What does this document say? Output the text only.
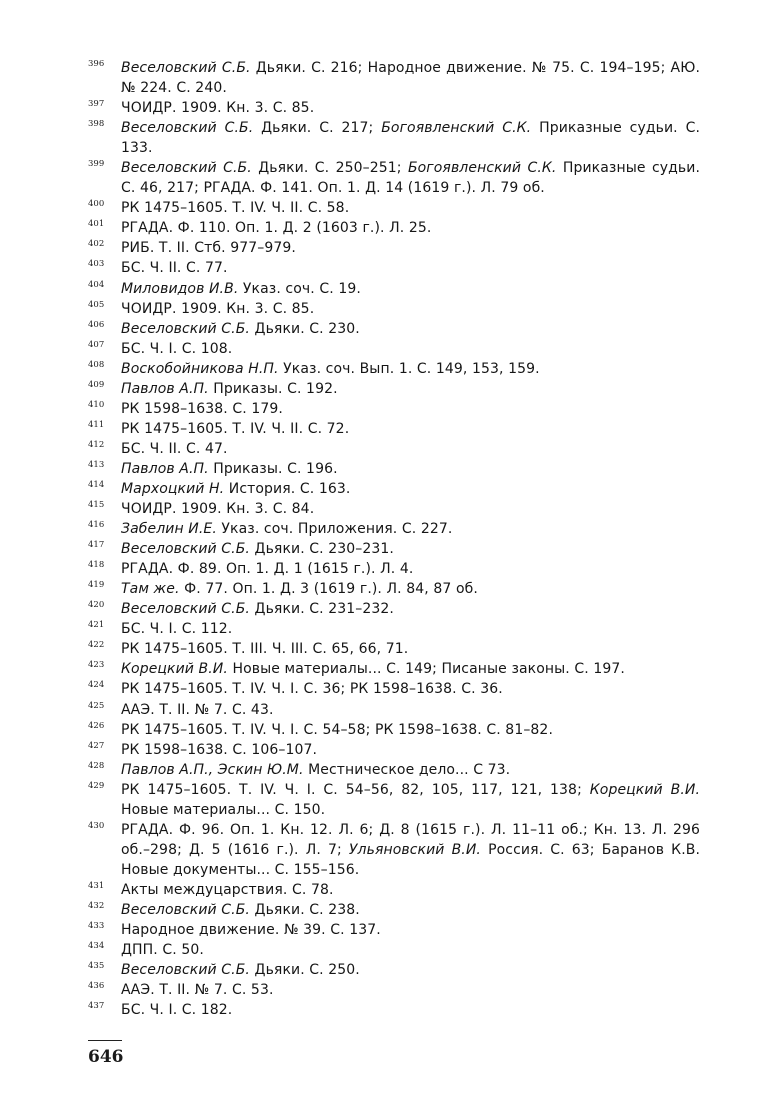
396 Веселовский С.Б. Дьяки. С. 216; Народное движение. № 75. С. 194–195; АЮ. № 224. С. 240.
397 ЧОИДР. 1909. Кн. 3. С. 85.
398 Веселовский С.Б. Дьяки. С. 217; Богоявленский С.К. Приказные судьи. С. 133.
399 Веселовский С.Б. Дьяки. С. 250–251; Богоявленский С.К. Приказные судьи. С. 46, 217; РГАДА. Ф. 141. Оп. 1. Д. 14 (1619 г.). Л. 79 об.
400 РК 1475–1605. Т. IV. Ч. II. С. 58.
401 РГАДА. Ф. 110. Оп. 1. Д. 2 (1603 г.). Л. 25.
402 РИБ. Т. II. Стб. 977–979.
403 БС. Ч. II. С. 77.
404 Миловидов И.В. Указ. соч. С. 19.
405 ЧОИДР. 1909. Кн. 3. С. 85.
406 Веселовский С.Б. Дьяки. С. 230.
407 БС. Ч. I. С. 108.
408 Воскобойникова Н.П. Указ. соч. Вып. 1. С. 149, 153, 159.
409 Павлов А.П. Приказы. С. 192.
410 РК 1598–1638. С. 179.
411 РК 1475–1605. Т. IV. Ч. II. С. 72.
412 БС. Ч. II. С. 47.
413 Павлов А.П. Приказы. С. 196.
414 Мархоцкий Н. История. С. 163.
415 ЧОИДР. 1909. Кн. 3. С. 84.
416 Забелин И.Е. Указ. соч. Приложения. С. 227.
417 Веселовский С.Б. Дьяки. С. 230–231.
418 РГАДА. Ф. 89. Оп. 1. Д. 1 (1615 г.). Л. 4.
419 Там же. Ф. 77. Оп. 1. Д. 3 (1619 г.). Л. 84, 87 об.
420 Веселовский С.Б. Дьяки. С. 231–232.
421 БС. Ч. I. С. 112.
422 РК 1475–1605. Т. III. Ч. III. С. 65, 66, 71.
423 Корецкий В.И. Новые материалы... С. 149; Писаные законы. С. 197.
424 РК 1475–1605. Т. IV. Ч. I. С. 36; РК 1598–1638. С. 36.
425 ААЭ. Т. II. № 7. С. 43.
426 РК 1475–1605. Т. IV. Ч. I. С. 54–58; РК 1598–1638. С. 81–82.
427 РК 1598–1638. С. 106–107.
428 Павлов А.П., Эскин Ю.М. Местническое дело... С 73.
429 РК 1475–1605. Т. IV. Ч. I. С. 54–56, 82, 105, 117, 121, 138; Корецкий В.И. Новые материалы... С. 150.
430 РГАДА. Ф. 96. Оп. 1. Кн. 12. Л. 6; Д. 8 (1615 г.). Л. 11–11 об.; Кн. 13. Л. 296 об.–298; Д. 5 (1616 г.). Л. 7; Ульяновский В.И. Россия. С. 63; Баранов К.В. Новые документы... С. 155–156.
431 Акты междуцарствия. С. 78.
432 Веселовский С.Б. Дьяки. С. 238.
433 Народное движение. № 39. С. 137.
434 ДПП. С. 50.
435 Веселовский С.Б. Дьяки. С. 250.
436 ААЭ. Т. II. № 7. С. 53.
437 БС. Ч. I. С. 182.
646
